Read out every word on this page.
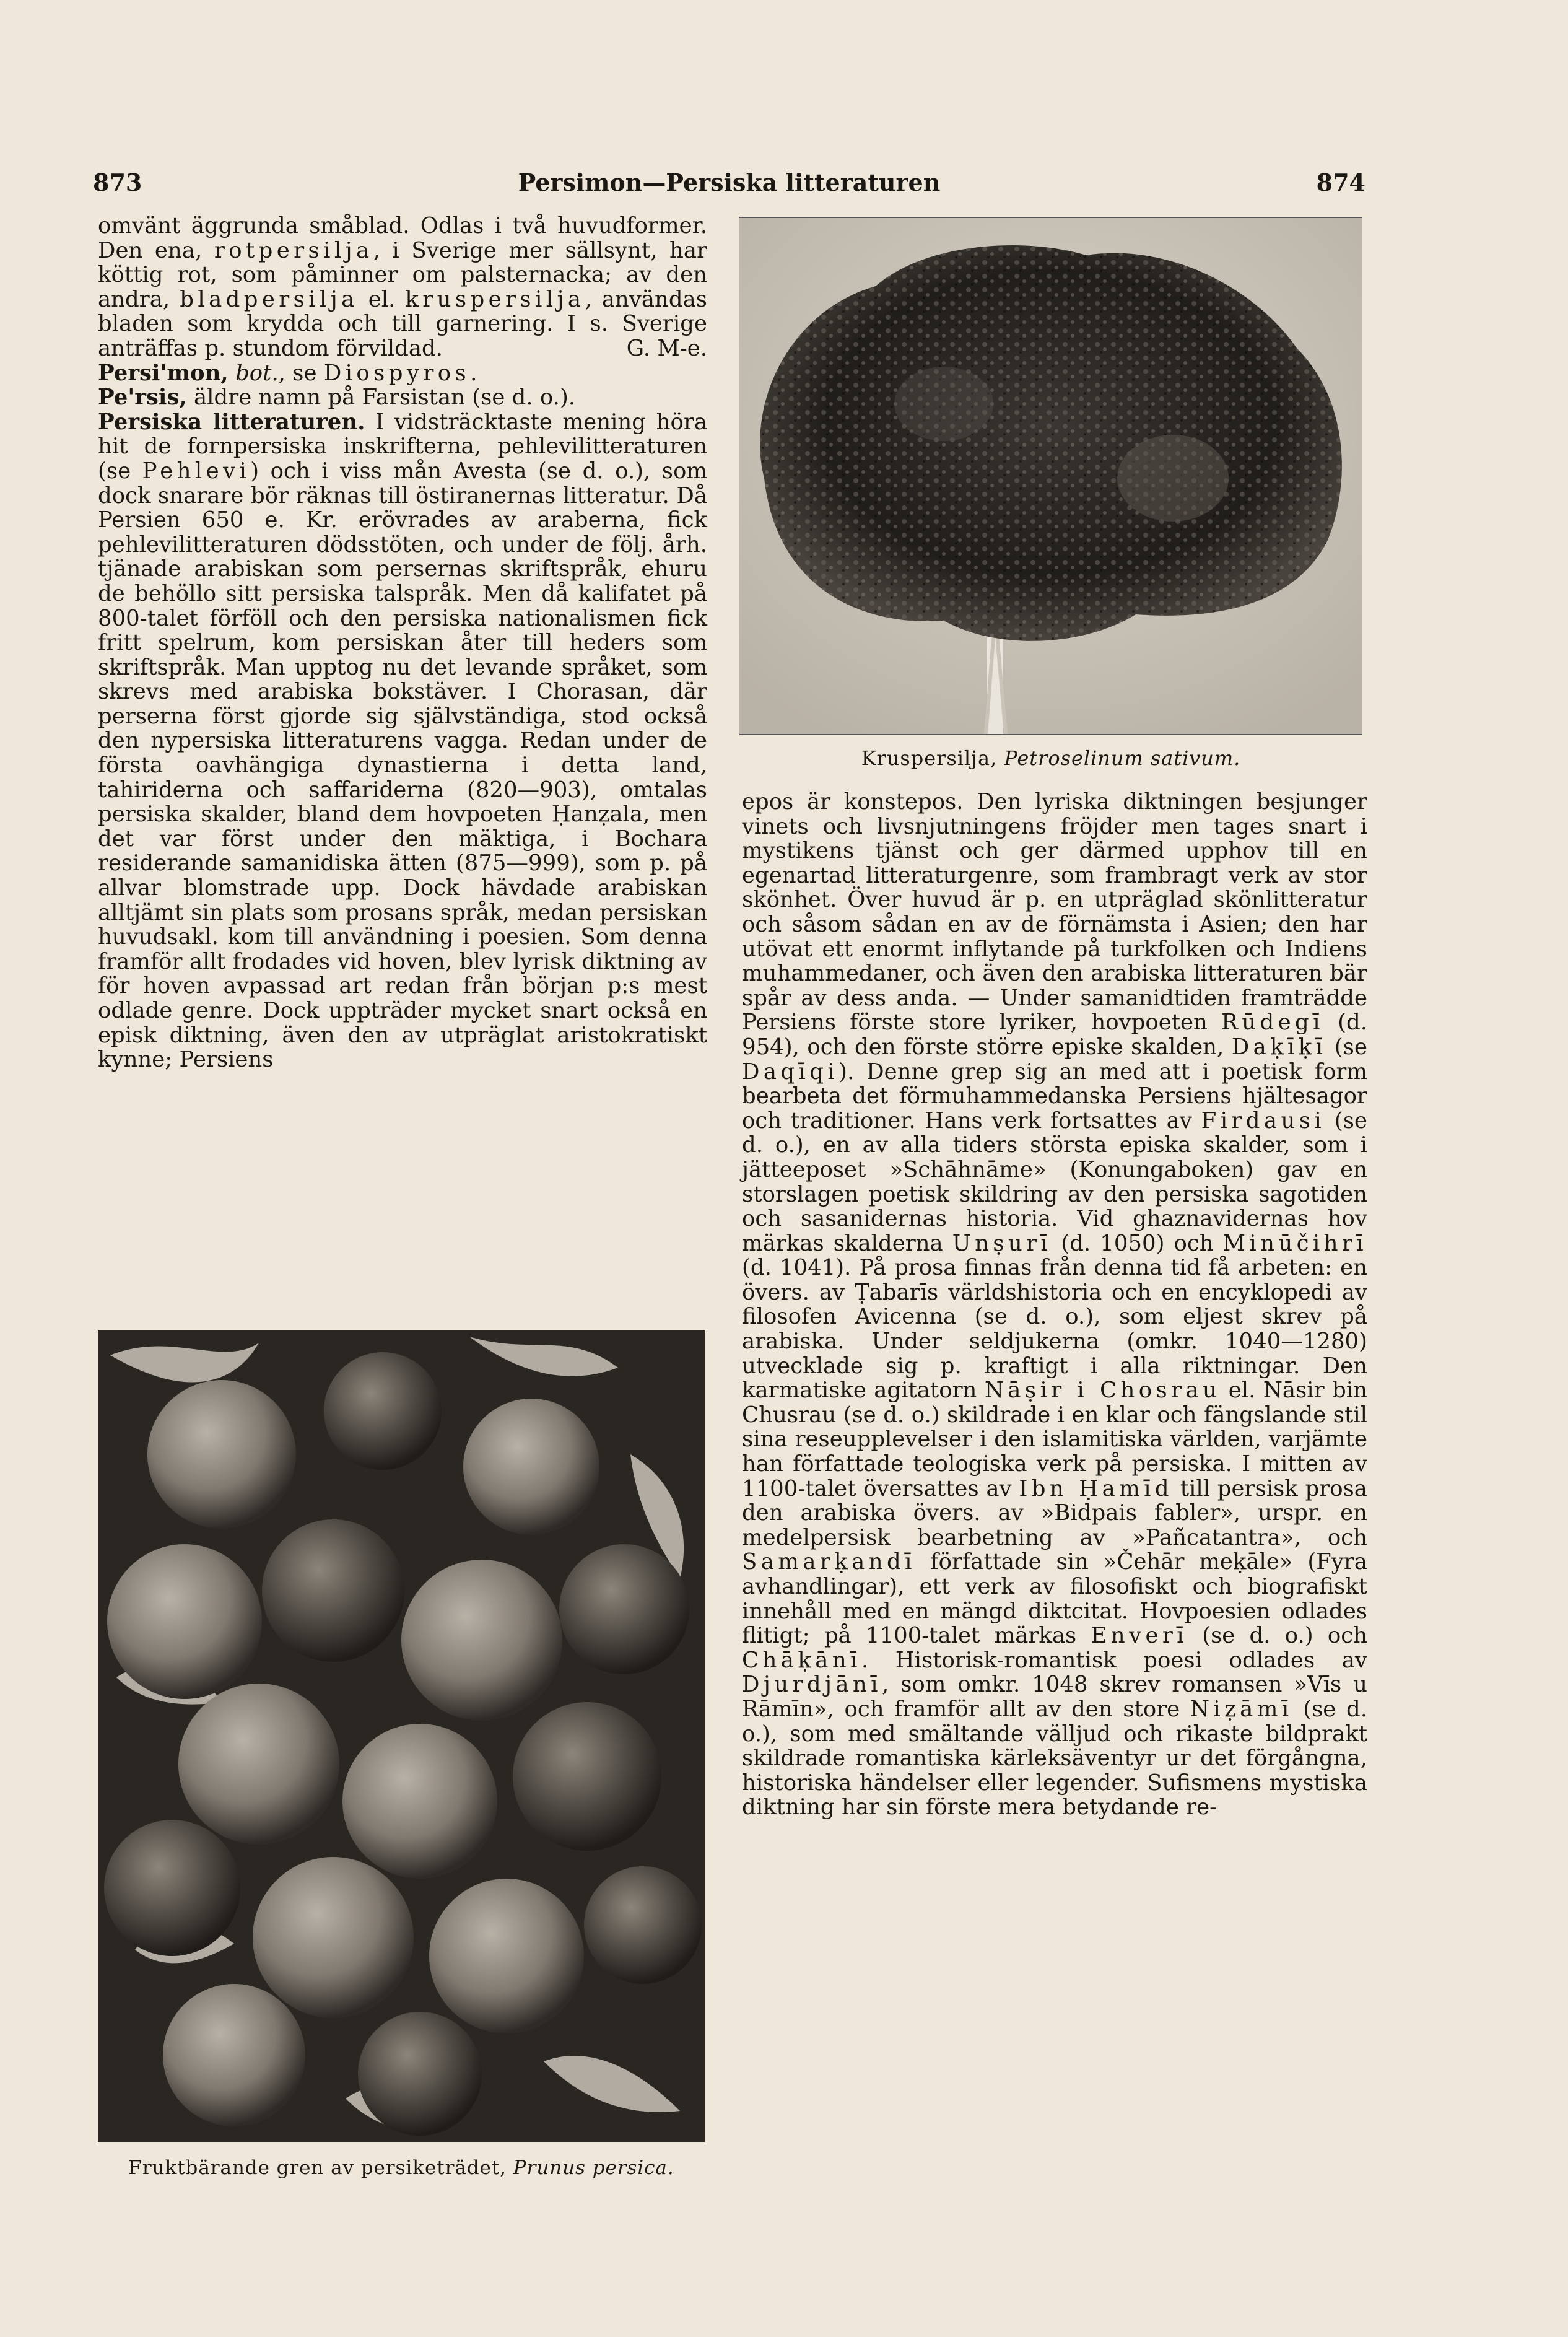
Persimon—Persiska litteraturen
873	874

omvänt äggrunda småblad. Odlas i två huvudformer. Den ena, rotpersilja, i Sverige mer sällsynt, har köttig rot, som påminner om palsternacka; av den andra, bladpersilja el. kruspersilja, användas bladen som krydda och till garnering. I s. Sverige anträffas p. stundom förvildad.	G. M-e.

Persi'mon, bot., se Diospyros.

Pe'rsis, äldre namn på Farsistan (se d. o.).

Persiska litteraturen. I vidsträcktaste mening höra hit de fornpersiska inskrifterna, pehlevilitteraturen (se Pehlevi) och i viss mån Avesta (se d. o.), som dock snarare bör räknas till östiranernas litteratur. Då Persien 650 e. Kr. erövrades av araberna, fick pehlevilitteraturen dödsstöten, och under de följ. årh. tjänade arabiskan som persernas skriftspråk, ehuru de behöllo sitt persiska talspråk. Men då kalifatet på 800-talet förföll och den persiska nationalismen fick fritt spelrum, kom persiskan åter till heders som skriftspråk. Man upptog nu det levande språket, som skrevs med arabiska bokstäver. I Chorasan, där perserna först gjorde sig självständiga, stod också den nypersiska litteraturens vagga. Redan under de första oavhängiga dynastierna i detta land, tahiriderna och saffariderna (820—903), omtalas persiska skalder, bland dem hovpoeten Ḥanẓala, men det var först under den mäktiga, i Bochara residerande samanidiska ätten (875—999), som p. på allvar blomstrade upp. Dock hävdade arabiskan alltjämt sin plats som prosans språk, medan persiskan huvudsakl. kom till användning i poesien. Som denna framför allt frodades vid hoven, blev lyrisk diktning av för hoven avpassad art redan från början p:s mest odlade genre. Dock uppträder mycket snart också en episk diktning, även den av utpräglat aristokratiskt kynne; Persiens

Kruspersilja, Petroselinum sativum.
Fruktbärande gren av persiketrädet, Prunus persica.

epos är konstepos. Den lyriska diktningen besjunger vinets och livsnjutningens fröjder men tages snart i mystikens tjänst och ger därmed upphov till en egenartad litteraturgenre, som frambragt verk av stor skönhet. Över huvud är p. en utpräglad skönlitteratur och såsom sådan en av de förnämsta i Asien; den har utövat ett enormt inflytande på turkfolken och Indiens muhammedaner, och även den arabiska litteraturen bär spår av dess anda. — Under samanidtiden framträdde Persiens förste store lyriker, hovpoeten Rūdegī (d. 954), och den förste större episke skalden, Daḳīḳī (se Daqīqi). Denne grep sig an med att i poetisk form bearbeta det förmuhammedanska Persiens hjältesagor och traditioner. Hans verk fortsattes av Firdausi (se d. o.), en av alla tiders största episka skalder, som i jätteeposet »Schāhnāme» (Konungaboken) gav en storslagen poetisk skildring av den persiska sagotiden och sasanidernas historia. Vid ghaznavidernas hov märkas skalderna Unṣurī (d. 1050) och Minūčihrī (d. 1041). På prosa finnas från denna tid få arbeten: en övers. av Ṭabarīs världshistoria och en encyklopedi av filosofen Avicenna (se d. o.), som eljest skrev på arabiska. Under seldjukerna (omkr. 1040—1280) utvecklade sig p. kraftigt i alla riktningar. Den karmatiske agitatorn Nāṣir i Chosrau el. Nāsir bin Chusrau (se d. o.) skildrade i en klar och fängslande stil sina reseupplevelser i den islamitiska världen, varjämte han författade teologiska verk på persiska. I mitten av 1100-talet översattes av Ibn Ḥamīd till persisk prosa den arabiska övers. av »Bidpais fabler», urspr. en medelpersisk bearbetning av »Pañcatantra», och Samarḳandī författade sin »Čehār meḳāle» (Fyra avhandlingar), ett verk av filosofiskt och biografiskt innehåll med en mängd diktcitat. Hovpoesien odlades flitigt; på 1100-talet märkas Enverī (se d. o.) och Chāḳānī. Historisk-romantisk poesi odlades av Djurdjānī, som omkr. 1048 skrev romansen »Vīs u Rāmīn», och framför allt av den store Niẓāmī (se d. o.), som med smältande välljud och rikaste bildprakt skildrade romantiska kärleksäventyr ur det förgångna, historiska händelser eller legender. Sufismens mystiska diktning har sin förste mera betydande re-
